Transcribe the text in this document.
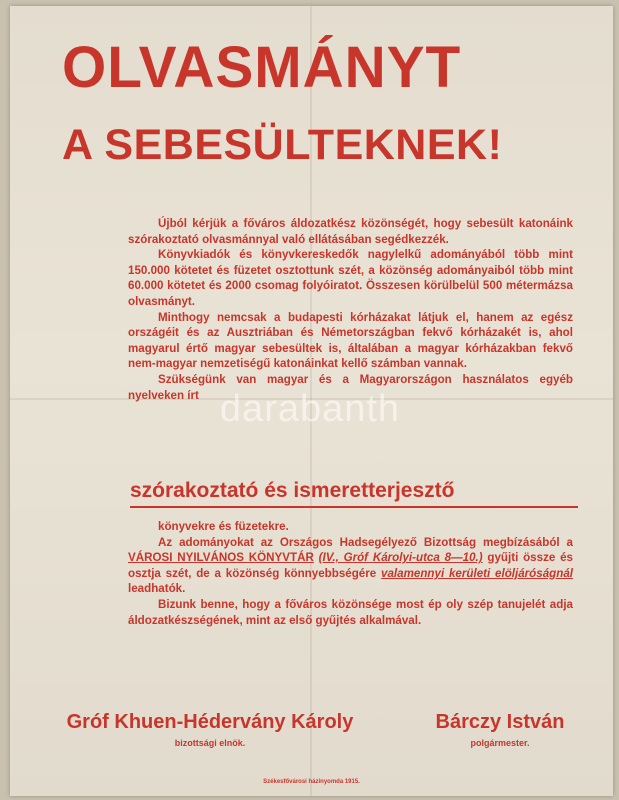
OLVASMÁNYT
A SEBESÜLTEKNEK!

Újból kérjük a főváros áldozatkész közönségét, hogy sebesült katonáink szórakoztató olvasmánnyal való ellátásában segédkezzék.

Könyvkiadók és könyvkereskedők nagylelkű adományából több mint 150.000 kötetet és füzetet osztottunk szét, a közönség adományaiból több mint 60.000 kötetet és 2000 csomag folyóiratot. Összesen körülbelül 500 métermázsa olvasmányt.

Minthogy nemcsak a budapesti kórházakat látjuk el, hanem az egész országéit és az Ausztriában és Németországban fekvő kórházakét is, ahol magyarul értő magyar sebesültek is, általában a magyar kórházakban fekvő nem-magyar nemzetiségű katonáinkat kellő számban vannak.

Szükségünk van magyar és a Magyarországon használatos egyéb nyelveken írt

szórakoztató és ismeretterjesztő

könyvekre és füzetekre.

Az adományokat az Országos Hadsegélyező Bizottság megbízásából a VÁROSI NYILVÁNOS KÖNYVTÁR (IV., Gróf Károlyi-utca 8—10.) gyűjti össze és osztja szét, de a közönség könnyebbségére valamennyi kerületi elöljáróságnál leadhatók.

Bizunk benne, hogy a főváros közönsége most ép oly szép tanujelét adja áldozatkészségének, mint az első gyűjtés alkalmával.

Gróf Khuen-Hédervány Károly
bizottsági elnök.
Bárczy István
polgármester.
Székesfővárosi házinyomda 1915.
darabanth
